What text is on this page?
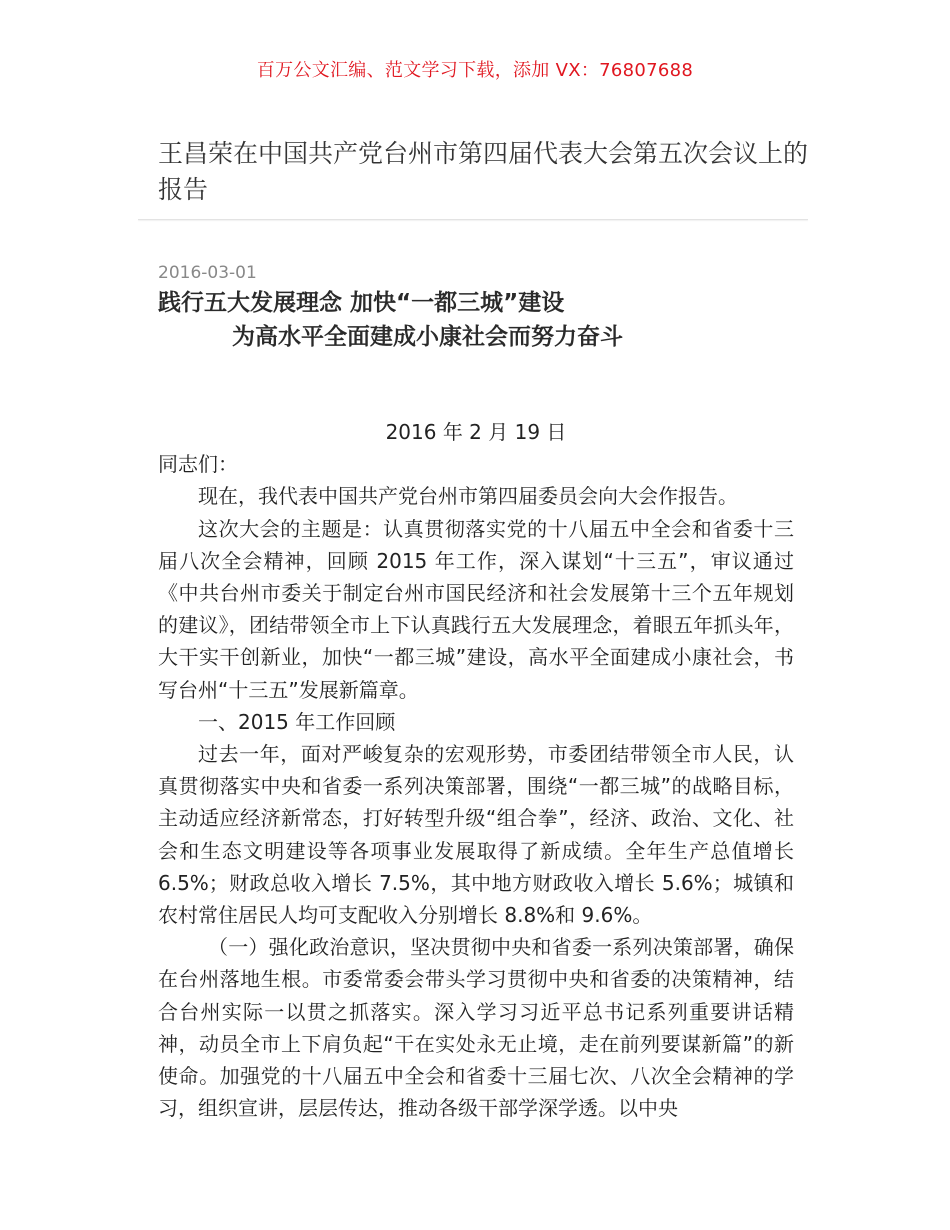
百万公文汇编、范文学习下载，添加 VX：76807688
王昌荣在中国共产党台州市第四届代表大会第五次会议上的报告
2016-03-01
践行五大发展理念 加快“一都三城”建设
为高水平全面建成小康社会而努力奋斗

2016 年 2 月 19 日

同志们：

现在，我代表中国共产党台州市第四届委员会向大会作报告。

这次大会的主题是：认真贯彻落实党的十八届五中全会和省委十三届八次全会精神，回顾 2015 年工作，深入谋划“十三五”，审议通过《中共台州市委关于制定台州市国民经济和社会发展第十三个五年规划的建议》，团结带领全市上下认真践行五大发展理念，着眼五年抓头年，大干实干创新业，加快“一都三城”建设，高水平全面建成小康社会，书写台州“十三五”发展新篇章。

一、2015 年工作回顾

过去一年，面对严峻复杂的宏观形势，市委团结带领全市人民，认真贯彻落实中央和省委一系列决策部署，围绕“一都三城”的战略目标，主动适应经济新常态，打好转型升级“组合拳”，经济、政治、文化、社会和生态文明建设等各项事业发展取得了新成绩。全年生产总值增长 6.5%；财政总收入增长 7.5%，其中地方财政收入增长 5.6%；城镇和农村常住居民人均可支配收入分别增长 8.8%和 9.6%。

（一）强化政治意识，坚决贯彻中央和省委一系列决策部署，确保在台州落地生根。市委常委会带头学习贯彻中央和省委的决策精神，结合台州实际一以贯之抓落实。深入学习习近平总书记系列重要讲话精神，动员全市上下肩负起“干在实处永无止境，走在前列要谋新篇”的新使命。加强党的十八届五中全会和省委十三届七次、八次全会精神的学习，组织宣讲，层层传达，推动各级干部学深学透。以中央
